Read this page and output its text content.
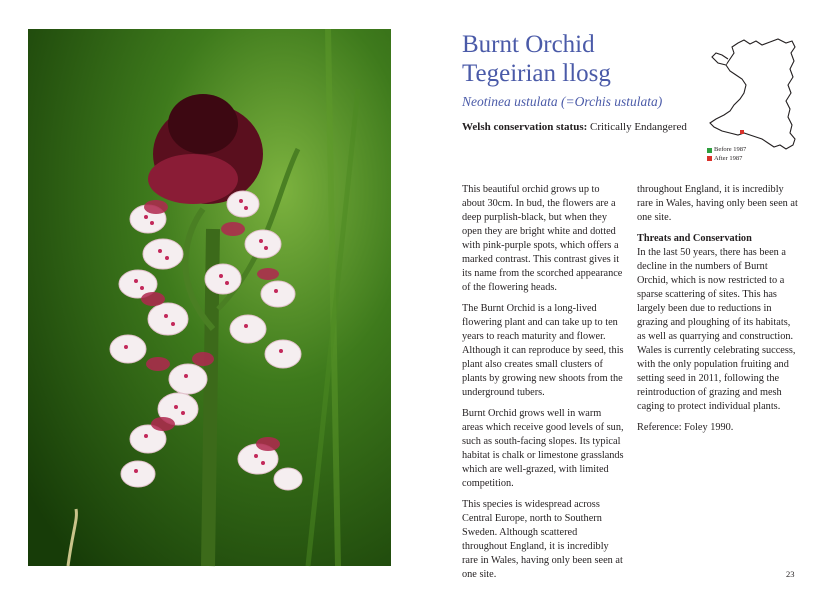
Burnt Orchid
Tegeirian llosg
Neotinea ustulata (=Orchis ustulata)
Welsh conservation status: Critically Endangered
Before 1987
After 1987

This beautiful orchid grows up to about 30cm. In bud, the flowers are a deep purplish-black, but when they open they are bright white and dotted with pink-purple spots, which offers a marked contrast. This contrast gives it its name from the scorched appearance of the flowering heads.

The Burnt Orchid is a long-lived flowering plant and can take up to ten years to reach maturity and flower. Although it can reproduce by seed, this plant also creates small clusters of plants by growing new shoots from the underground tubers.

Burnt Orchid grows well in warm areas which receive good levels of sun, such as south-facing slopes. Its typical habitat is chalk or limestone grasslands which are well-grazed, with limited competition.

This species is widespread across Central Europe, north to Southern Sweden. Although scattered throughout England, it is incredibly rare in Wales, having only been seen at one site.

throughout England, it is incredibly rare in Wales, having only been seen at one site.

Threats and Conservation

In the last 50 years, there has been a decline in the numbers of Burnt Orchid, which is now restricted to a sparse scattering of sites. This has largely been due to reductions in grazing and ploughing of its habitats, as well as quarrying and construction. Wales is currently celebrating success, with the only population fruiting and setting seed in 2011, following the reintroduction of grazing and mesh caging to protect individual plants.

Reference: Foley 1990.

23
